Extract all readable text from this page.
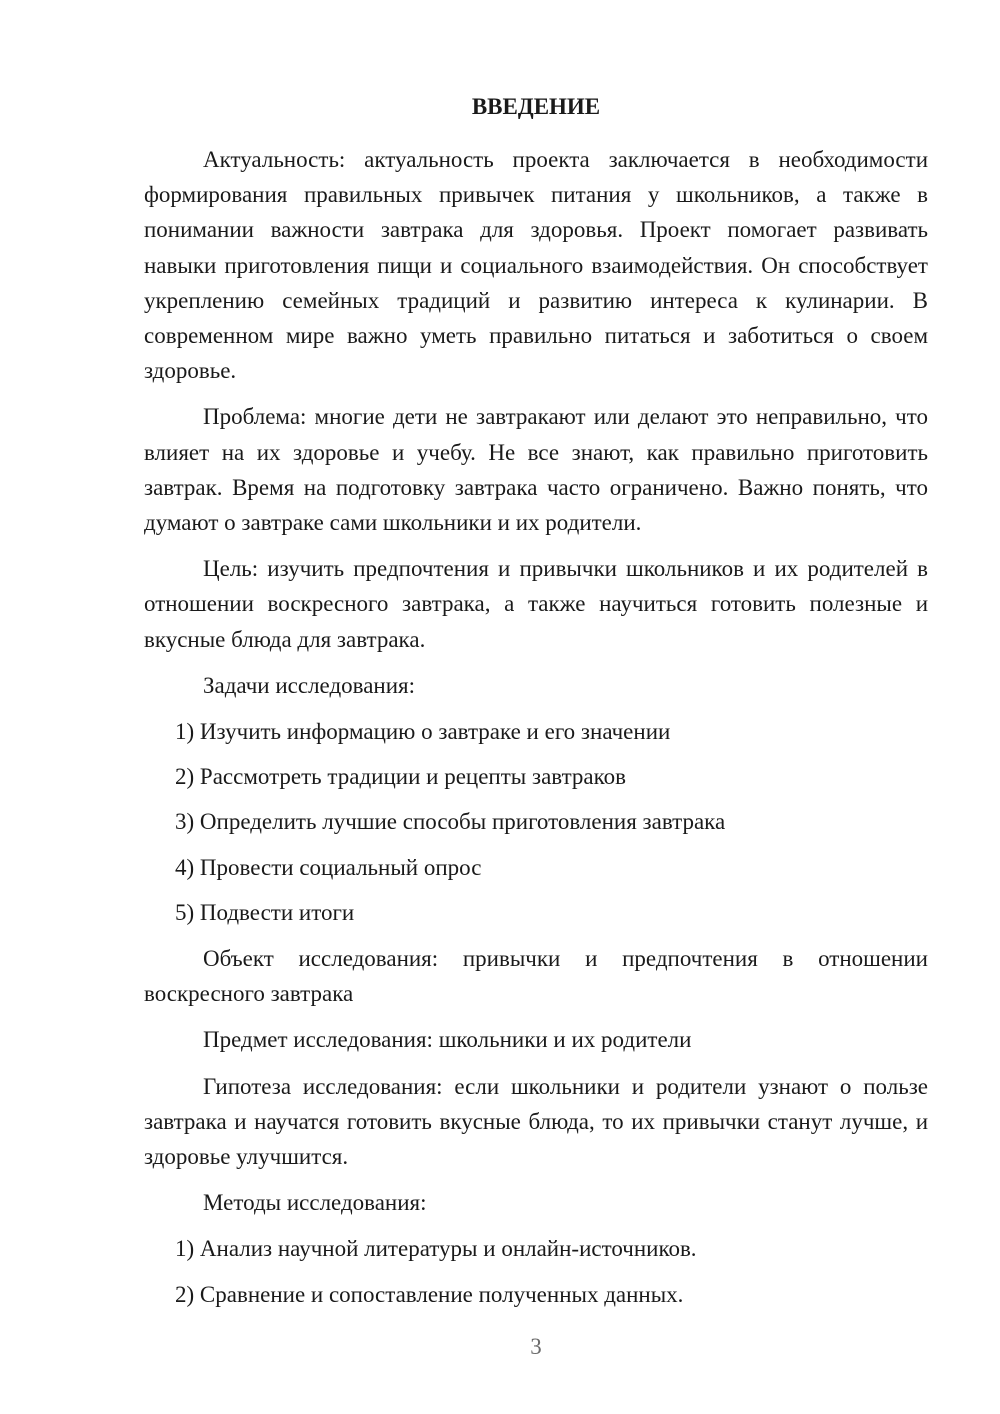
ВВЕДЕНИЕ

Актуальность: актуальность проекта заключается в необходимости формирования правильных привычек питания у школьников, а также в понимании важности завтрака для здоровья. Проект помогает развивать навыки приготовления пищи и социального взаимодействия. Он способствует укреплению семейных традиций и развитию интереса к кулинарии. В современном мире важно уметь правильно питаться и заботиться о своем здоровье.

Проблема: многие дети не завтракают или делают это неправильно, что влияет на их здоровье и учебу. Не все знают, как правильно приготовить завтрак. Время на подготовку завтрака часто ограничено. Важно понять, что думают о завтраке сами школьники и их родители.

Цель: изучить предпочтения и привычки школьников и их родителей в отношении воскресного завтрака, а также научиться готовить полезные и вкусные блюда для завтрака.

Задачи исследования:

1) Изучить информацию о завтраке и его значении
2) Рассмотреть традиции и рецепты завтраков
3) Определить лучшие способы приготовления завтрака
4) Провести социальный опрос
5) Подвести итоги

Объект исследования: привычки и предпочтения в отношении воскресного завтрака

Предмет исследования: школьники и их родители

Гипотеза исследования: если школьники и родители узнают о пользе завтрака и научатся готовить вкусные блюда, то их привычки станут лучше, и здоровье улучшится.

Методы исследования:

1) Анализ научной литературы и онлайн-источников.
2) Сравнение и сопоставление полученных данных.
3
